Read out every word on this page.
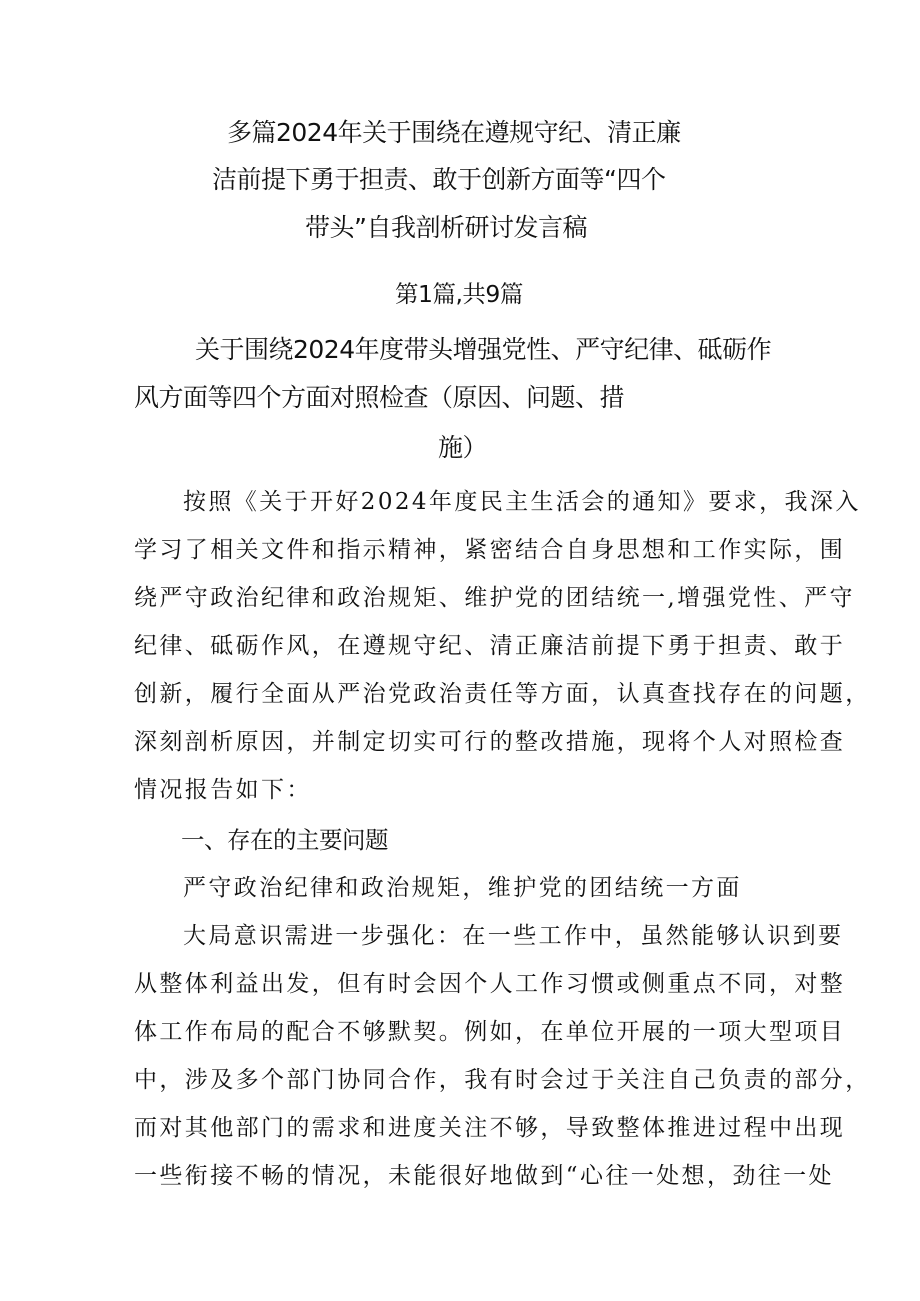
多篇2024年关于围绕在遵规守纪、清正廉

洁前提下勇于担责、敢于创新方面等“四个

带头”自我剖析研讨发言稿

第1篇,共9篇

关于围绕2024年度带头增强党性、严守纪律、砥砺作

风方面等四个方面对照检查（原因、问题、措

施）

按照《关于开好2024年度民主生活会的通知》要求，我深入

学习了相关文件和指示精神，紧密结合自身思想和工作实际，围

绕严守政治纪律和政治规矩、维护党的团结统一,增强党性、严守

纪律、砥砺作风，在遵规守纪、清正廉洁前提下勇于担责、敢于

创新，履行全面从严治党政治责任等方面，认真查找存在的问题，

深刻剖析原因，并制定切实可行的整改措施，现将个人对照检查

情况报告如下：

一、存在的主要问题

严守政治纪律和政治规矩，维护党的团结统一方面

大局意识需进一步强化：在一些工作中，虽然能够认识到要

从整体利益出发，但有时会因个人工作习惯或侧重点不同，对整

体工作布局的配合不够默契。例如，在单位开展的一项大型项目

中，涉及多个部门协同合作，我有时会过于关注自己负责的部分，

而对其他部门的需求和进度关注不够，导致整体推进过程中出现

一些衔接不畅的情况，未能很好地做到“心往一处想，劲往一处
